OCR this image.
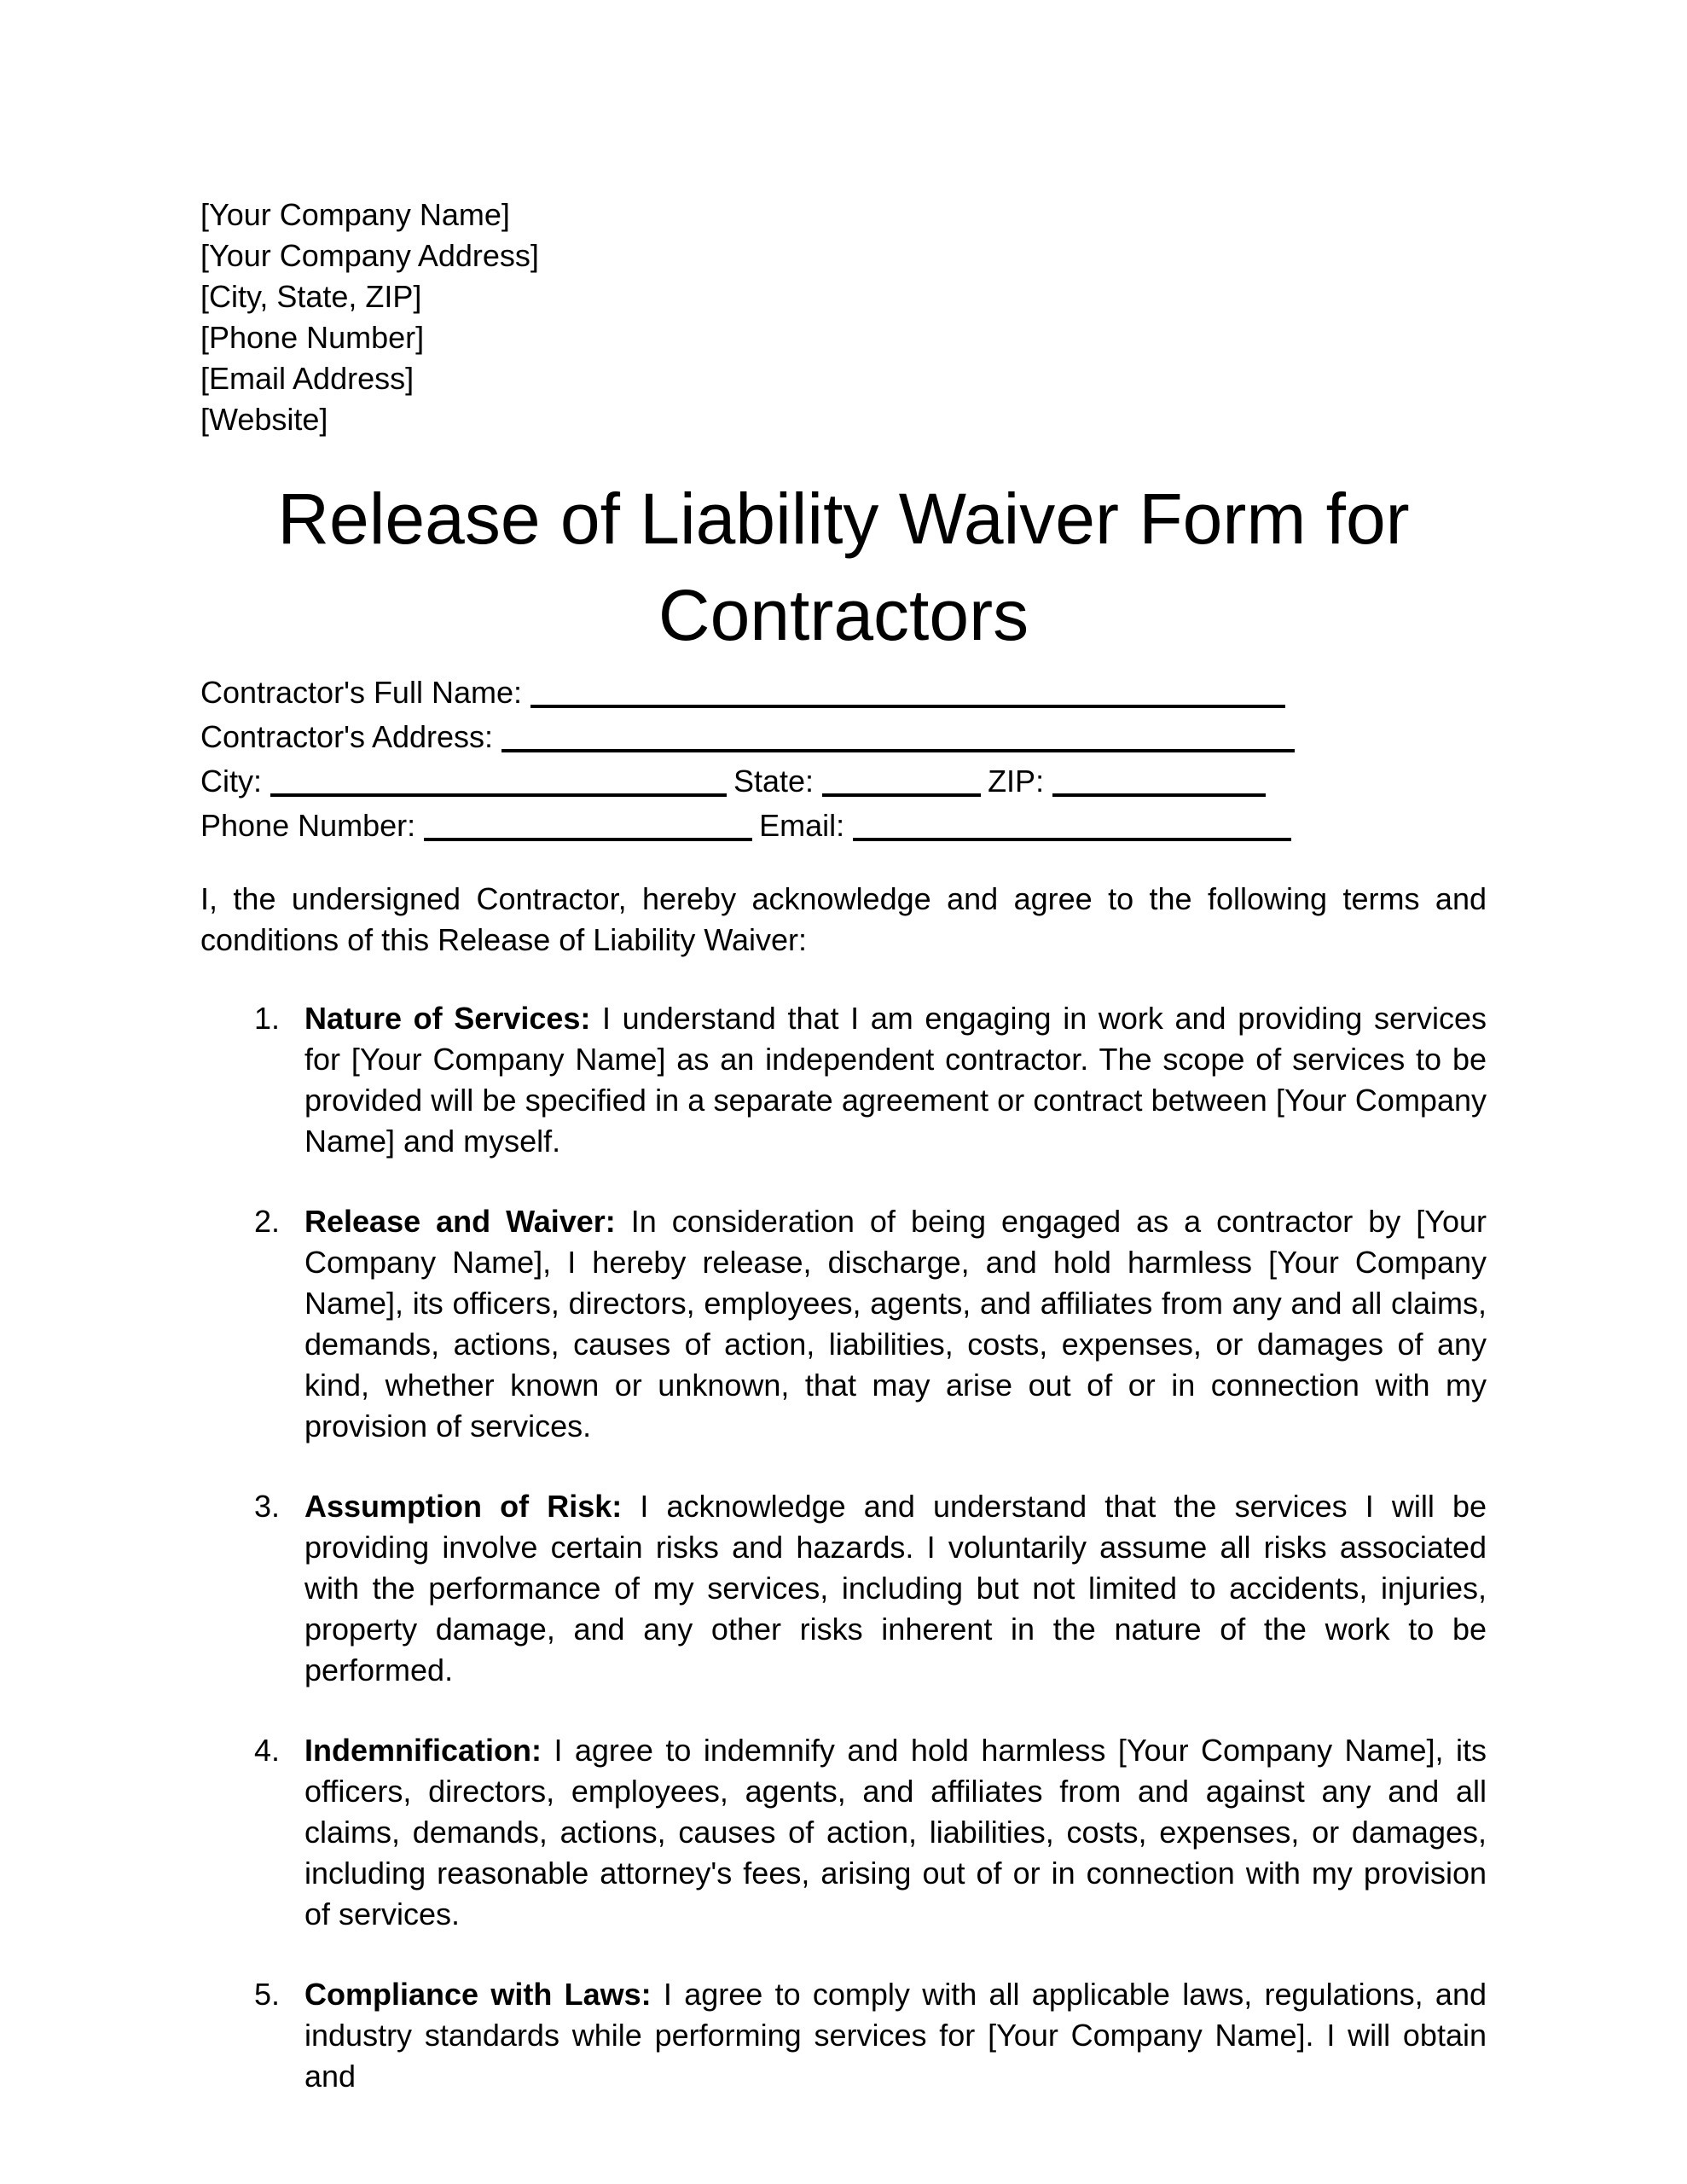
[Your Company Name]
[Your Company Address]
[City, State, ZIP]
[Phone Number]
[Email Address]
[Website]
Release of Liability Waiver Form for Contractors
Contractor's Full Name:
Contractor's Address:
City:	State:	ZIP:
Phone Number:	Email:
I, the undersigned Contractor, hereby acknowledge and agree to the following terms and conditions of this Release of Liability Waiver:
1. Nature of Services: I understand that I am engaging in work and providing services for [Your Company Name] as an independent contractor. The scope of services to be provided will be specified in a separate agreement or contract between [Your Company Name] and myself.
2. Release and Waiver: In consideration of being engaged as a contractor by [Your Company Name], I hereby release, discharge, and hold harmless [Your Company Name], its officers, directors, employees, agents, and affiliates from any and all claims, demands, actions, causes of action, liabilities, costs, expenses, or damages of any kind, whether known or unknown, that may arise out of or in connection with my provision of services.
3. Assumption of Risk: I acknowledge and understand that the services I will be providing involve certain risks and hazards. I voluntarily assume all risks associated with the performance of my services, including but not limited to accidents, injuries, property damage, and any other risks inherent in the nature of the work to be performed.
4. Indemnification: I agree to indemnify and hold harmless [Your Company Name], its officers, directors, employees, agents, and affiliates from and against any and all claims, demands, actions, causes of action, liabilities, costs, expenses, or damages, including reasonable attorney's fees, arising out of or in connection with my provision of services.
5. Compliance with Laws: I agree to comply with all applicable laws, regulations, and industry standards while performing services for [Your Company Name]. I will obtain and
